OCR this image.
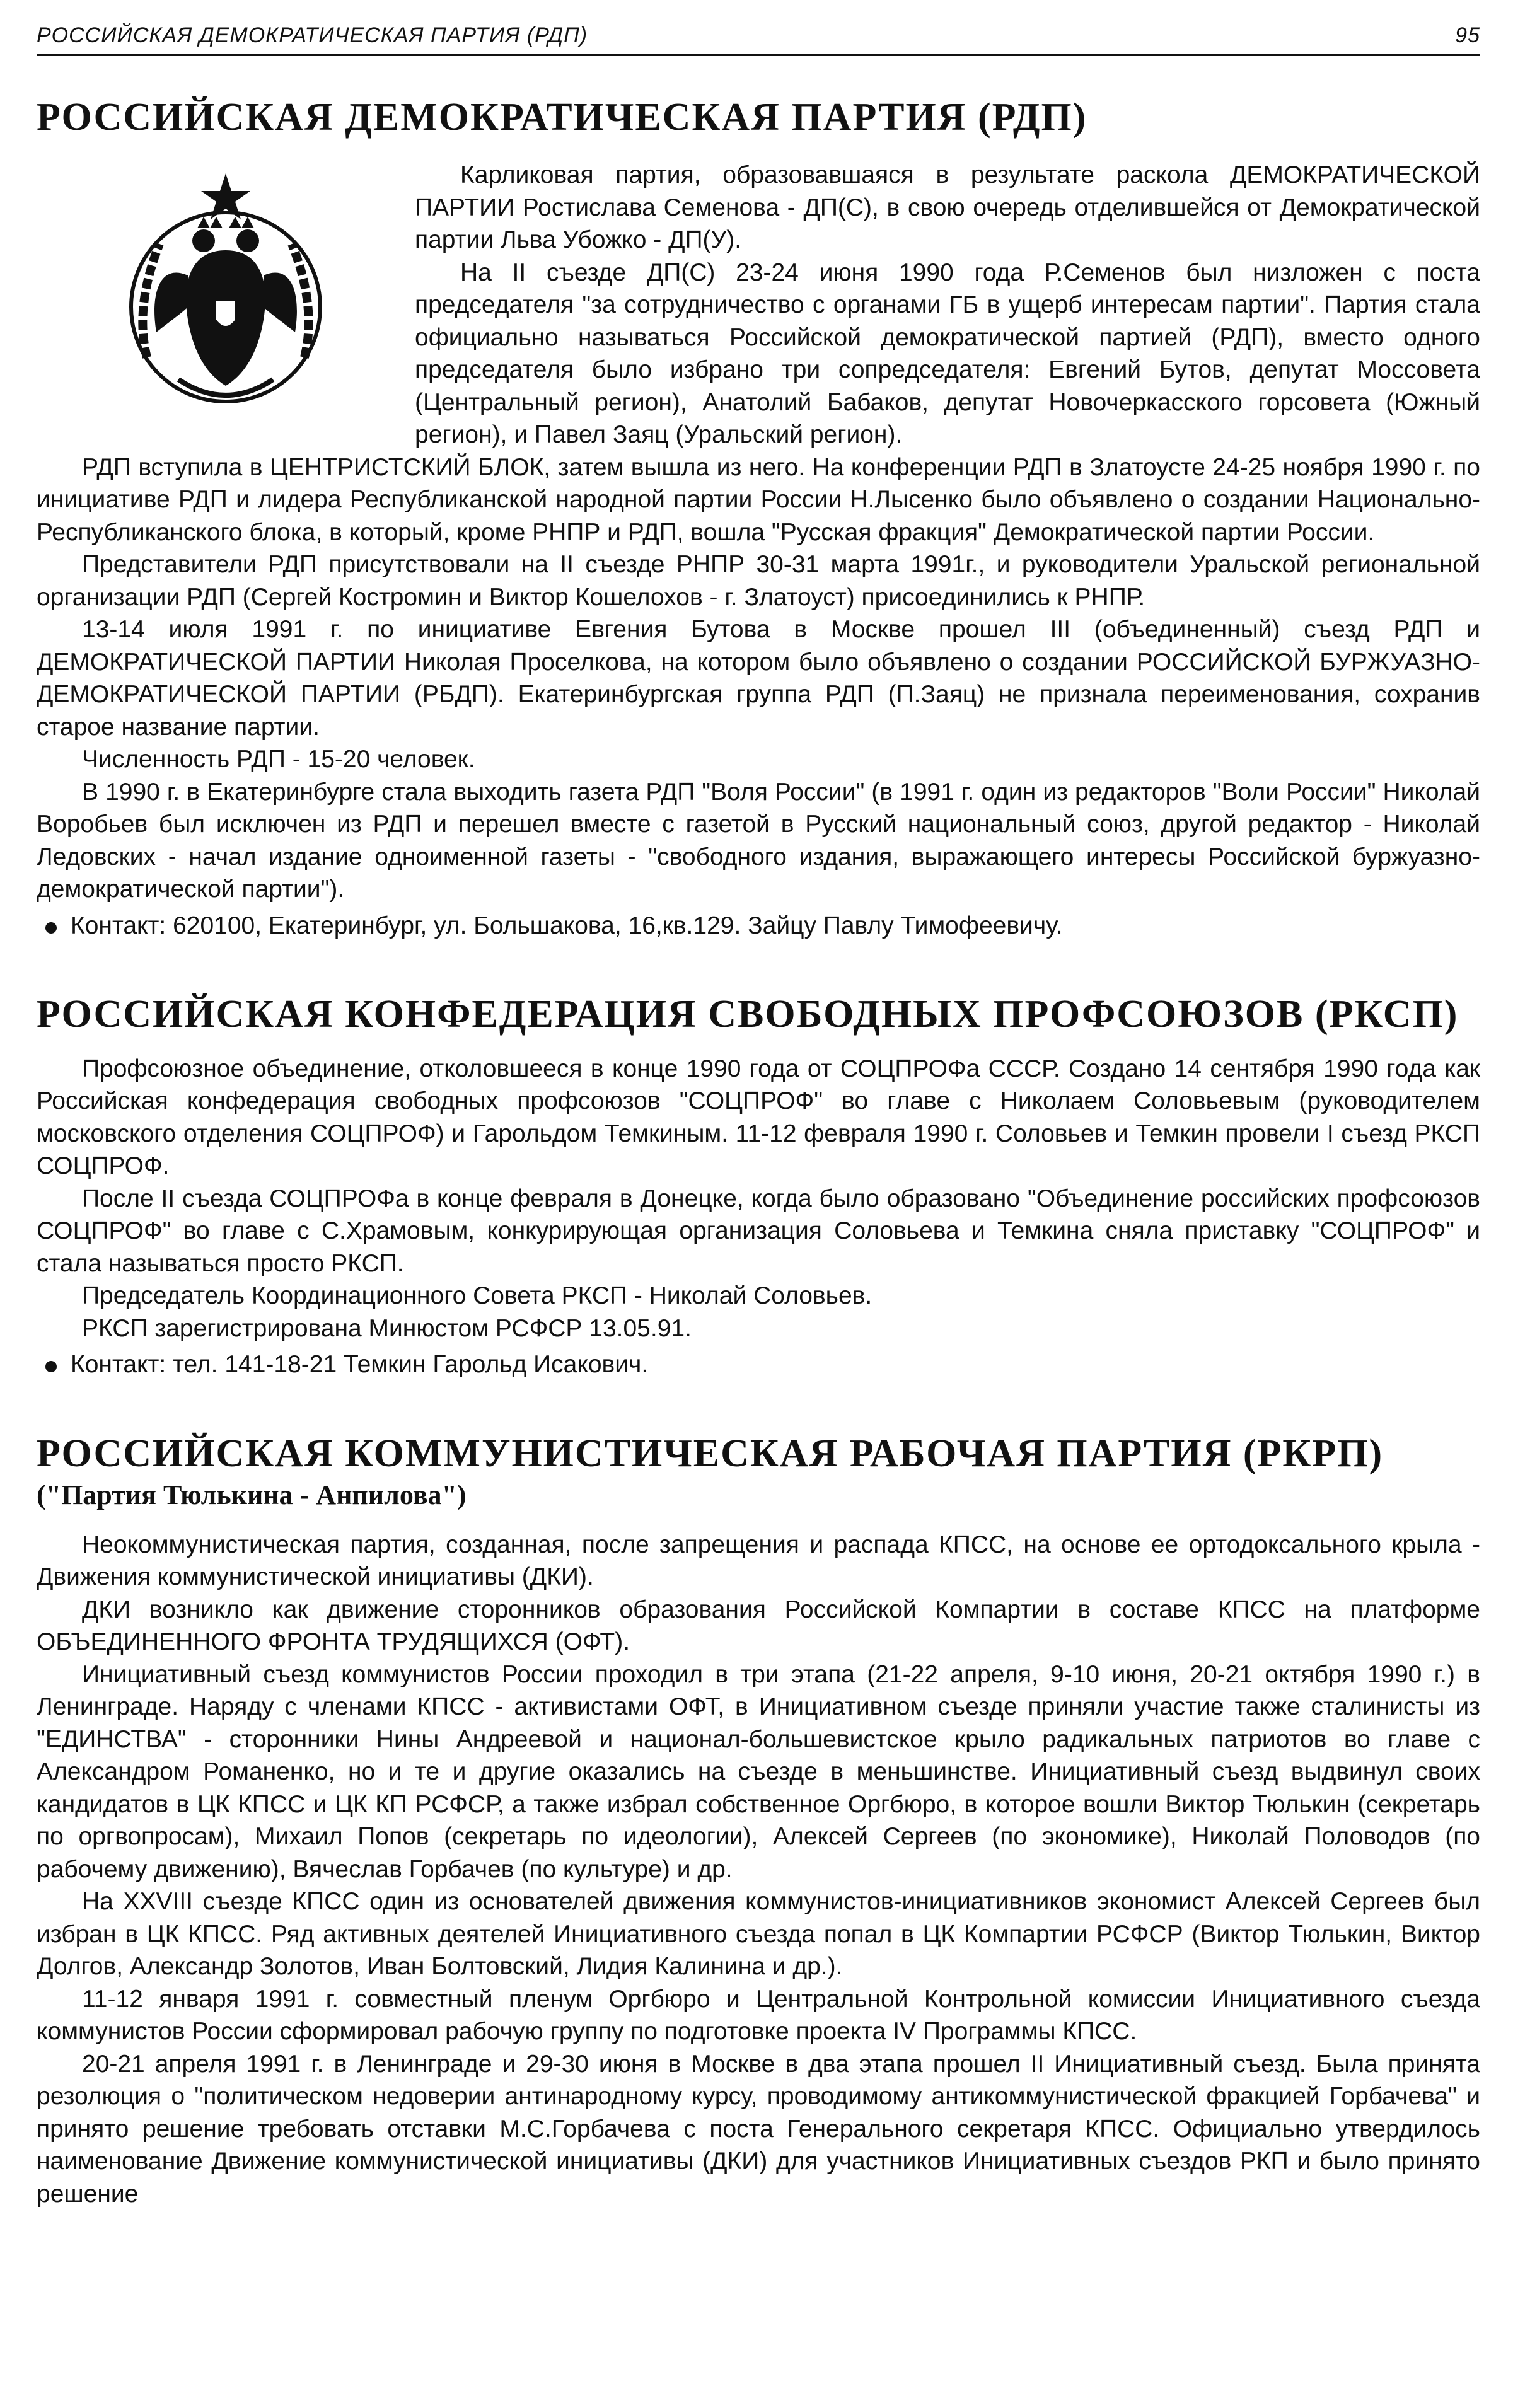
РОССИЙСКАЯ ДЕМОКРАТИЧЕСКАЯ ПАРТИЯ (РДП)	95
РОССИЙСКАЯ ДЕМОКРАТИЧЕСКАЯ ПАРТИЯ (РДП)

Карликовая партия, образовавшаяся в результате раскола ДЕМОКРАТИЧЕСКОЙ ПАРТИИ Ростислава Семенова - ДП(С), в свою очередь отделившейся от Демократической партии Льва Убожко - ДП(У).

На II съезде ДП(С) 23-24 июня 1990 года Р.Семенов был низложен с поста председателя "за сотрудничество с органами ГБ в ущерб интересам партии". Партия стала официально называться Российской демократической партией (РДП), вместо одного председателя было избрано три сопредседателя: Евгений Бутов, депутат Моссовета (Центральный регион), Анатолий Бабаков, депутат Новочеркасского горсовета (Южный регион), и Павел Заяц (Уральский регион).

РДП вступила в ЦЕНТРИСТСКИЙ БЛОК, затем вышла из него. На конференции РДП в Златоусте 24-25 ноября 1990 г. по инициативе РДП и лидера Республиканской народной партии России Н.Лысенко было объявлено о создании Национально-Республиканского блока, в который, кроме РНПР и РДП, вошла "Русская фракция" Демократической партии России.

Представители РДП присутствовали на II съезде РНПР 30-31 марта 1991г., и руководители Уральской региональной организации РДП (Сергей Костромин и Виктор Кошелохов - г. Златоуст) присоединились к РНПР.

13-14 июля 1991 г. по инициативе Евгения Бутова в Москве прошел III (объединенный) съезд РДП и ДЕМОКРАТИЧЕСКОЙ ПАРТИИ Николая Проселкова, на котором было объявлено о создании РОССИЙСКОЙ БУРЖУАЗНО-ДЕМОКРАТИЧЕСКОЙ ПАРТИИ (РБДП). Екатеринбургская группа РДП (П.Заяц) не признала переименования, сохранив старое название партии.

Численность РДП - 15-20 человек.

В 1990 г. в Екатеринбурге стала выходить газета РДП "Воля России" (в 1991 г. один из редакторов "Воли России" Николай Воробьев был исключен из РДП и перешел вместе с газетой в Русский национальный союз, другой редактор - Николай Ледовских - начал издание одноименной газеты - "свободного издания, выражающего интересы Российской буржуазно-демократической партии").

Контакт: 620100, Екатеринбург, ул. Большакова, 16,кв.129. Зайцу Павлу Тимофеевичу.
РОССИЙСКАЯ КОНФЕДЕРАЦИЯ СВОБОДНЫХ ПРОФСОЮЗОВ (РКСП)

Профсоюзное объединение, отколовшееся в конце 1990 года от СОЦПРОФа СССР. Создано 14 сентября 1990 года как Российская конфедерация свободных профсоюзов "СОЦПРОФ" во главе с Николаем Соловьевым (руководителем московского отделения СОЦПРОФ) и Гарольдом Темкиным. 11-12 февраля 1990 г. Соловьев и Темкин провели I съезд РКСП СОЦПРОФ.

После II съезда СОЦПРОФа в конце февраля в Донецке, когда было образовано "Объединение российских профсоюзов СОЦПРОФ" во главе с С.Храмовым, конкурирующая организация Соловьева и Темкина сняла приставку "СОЦПРОФ" и стала называться просто РКСП.

Председатель Координационного Совета РКСП - Николай Соловьев.

РКСП зарегистрирована Минюстом РСФСР 13.05.91.

Контакт: тел. 141-18-21 Темкин Гарольд Исакович.
РОССИЙСКАЯ КОММУНИСТИЧЕСКАЯ РАБОЧАЯ ПАРТИЯ (РКРП)

("Партия Тюлькина - Анпилова")

Неокоммунистическая партия, созданная, после запрещения и распада КПСС, на основе ее ортодоксального крыла - Движения коммунистической инициативы (ДКИ).

ДКИ возникло как движение сторонников образования Российской Компартии в составе КПСС на платформе ОБЪЕДИНЕННОГО ФРОНТА ТРУДЯЩИХСЯ (ОФТ).

Инициативный съезд коммунистов России проходил в три этапа (21-22 апреля, 9-10 июня, 20-21 октября 1990 г.) в Ленинграде. Наряду с членами КПСС - активистами ОФТ, в Инициативном съезде приняли участие также сталинисты из "ЕДИНСТВА" - сторонники Нины Андреевой и национал-большевистское крыло радикальных патриотов во главе с Александром Романенко, но и те и другие оказались на съезде в меньшинстве. Инициативный съезд выдвинул своих кандидатов в ЦК КПСС и ЦК КП РСФСР, а также избрал собственное Оргбюро, в которое вошли Виктор Тюлькин (секретарь по оргвопросам), Михаил Попов (секретарь по идеологии), Алексей Сергеев (по экономике), Николай Половодов (по рабочему движению), Вячеслав Горбачев (по культуре) и др.

На XXVIII съезде КПСС один из основателей движения коммунистов-инициативников экономист Алексей Сергеев был избран в ЦК КПСС. Ряд активных деятелей Инициативного съезда попал в ЦК Компартии РСФСР (Виктор Тюлькин, Виктор Долгов, Александр Золотов, Иван Болтовский, Лидия Калинина и др.).

11-12 января 1991 г. совместный пленум Оргбюро и Центральной Контрольной комиссии Инициативного съезда коммунистов России сформировал рабочую группу по подготовке проекта IV Программы КПСС.

20-21 апреля 1991 г. в Ленинграде и 29-30 июня в Москве в два этапа прошел II Инициативный съезд. Была принята резолюция о "политическом недоверии антинародному курсу, проводимому антикоммунистической фракцией Горбачева" и принято решение требовать отставки М.С.Горбачева с поста Генерального секретаря КПСС. Официально утвердилось наименование Движение коммунистической инициативы (ДКИ) для участников Инициативных съездов РКП и было принято решение
